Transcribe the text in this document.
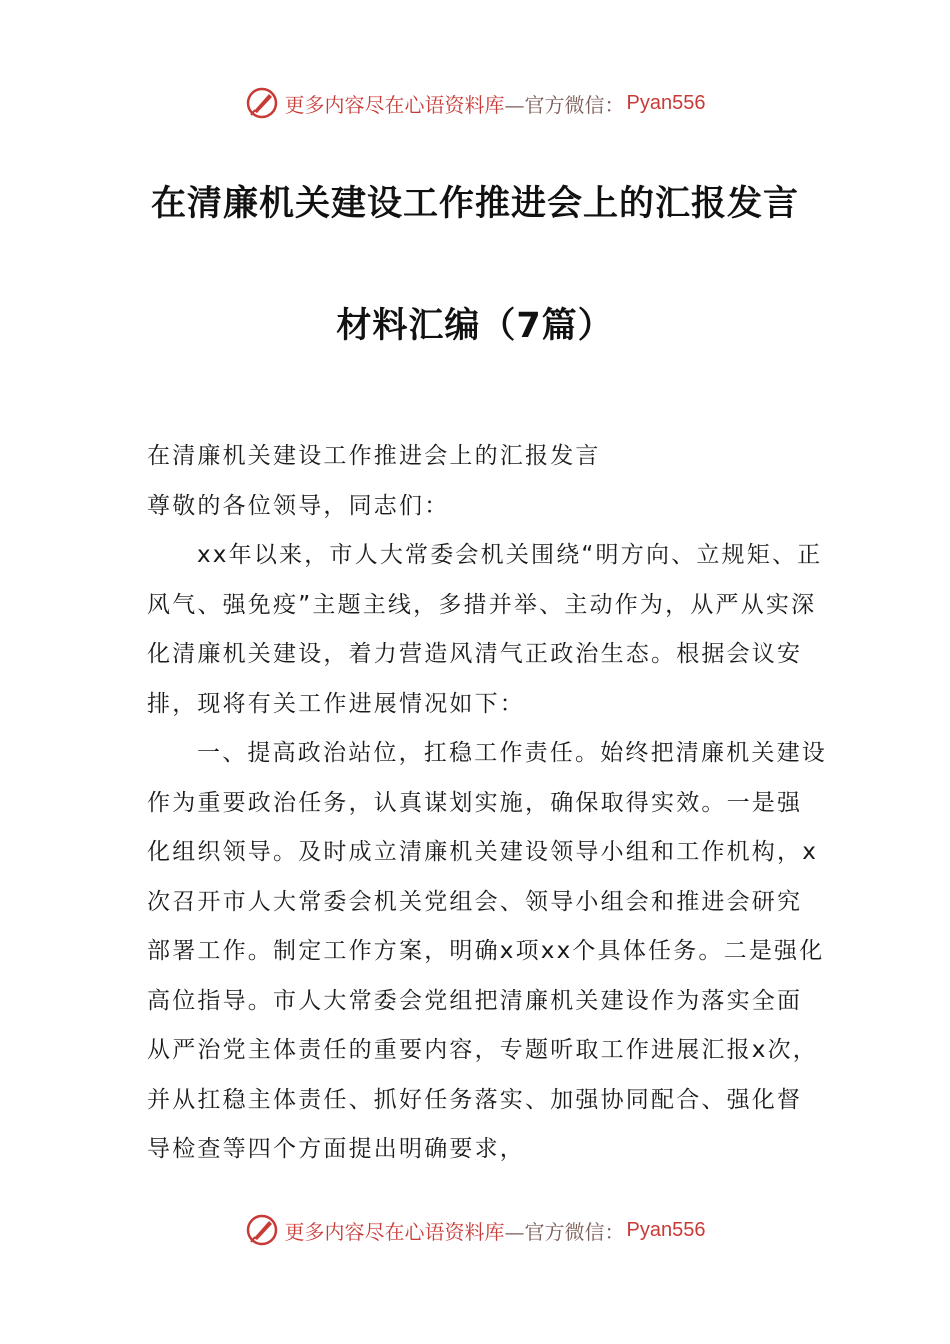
更多内容尽在心语资料库 —官方微信： Pyan556
在清廉机关建设工作推进会上的汇报发言
材料汇编（7篇）

在清廉机关建设工作推进会上的汇报发言

尊敬的各位领导，同志们：

xx年以来，市人大常委会机关围绕“明方向、立规矩、正风气、强免疫”主题主线，多措并举、主动作为，从严从实深化清廉机关建设，着力营造风清气正政治生态。根据会议安排，现将有关工作进展情况如下：

一、提高政治站位，扛稳工作责任。始终把清廉机关建设作为重要政治任务，认真谋划实施，确保取得实效。一是强化组织领导。及时成立清廉机关建设领导小组和工作机构，x次召开市人大常委会机关党组会、领导小组会和推进会研究部署工作。制定工作方案，明确x项xx个具体任务。二是强化高位指导。市人大常委会党组把清廉机关建设作为落实全面从严治党主体责任的重要内容，专题听取工作进展汇报x次，并从扛稳主体责任、抓好任务落实、加强协同配合、强化督导检查等四个方面提出明确要求，

更多内容尽在心语资料库 —官方微信： Pyan556
